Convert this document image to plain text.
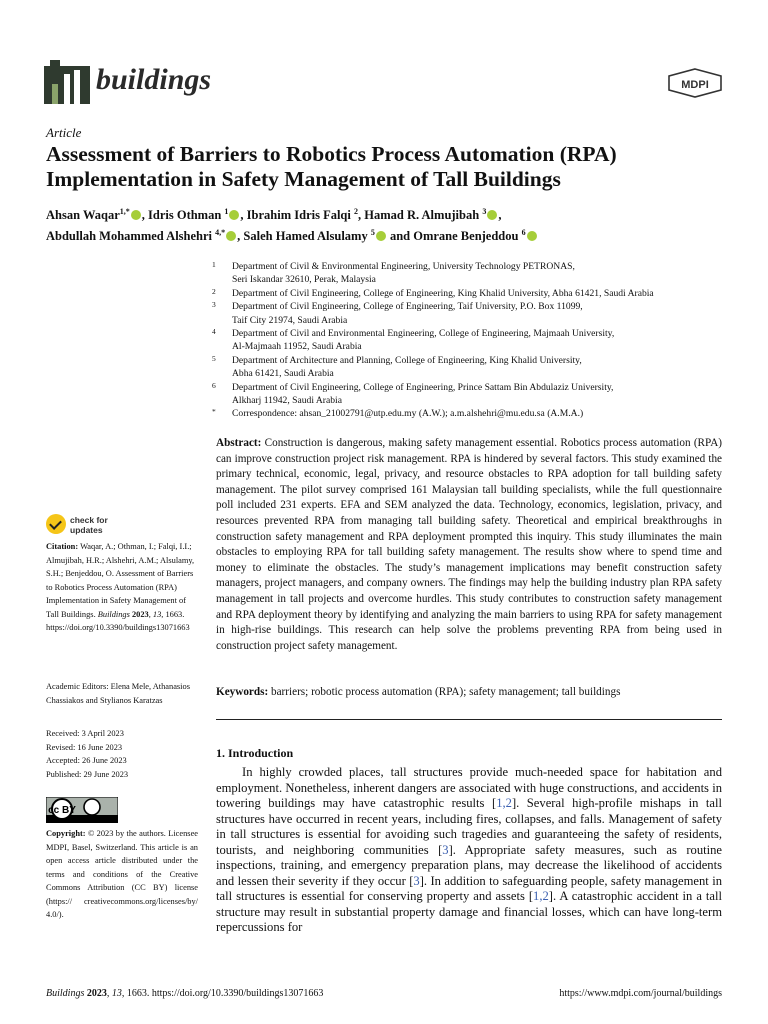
buildings	MDPI
Article
Assessment of Barriers to Robotics Process Automation (RPA) Implementation in Safety Management of Tall Buildings
Ahsan Waqar$^{1,*}$ , Idris Othman $^1$ , Ibrahim Idris Falqi $^2$, Hamad R. Almujibah $^3$ ,
Abdullah Mohammed Alshehri $^{4,*}$ , Saleh Hamed Alsulamy $^5$ and Omrane Benjeddou $^6$
1 Department of Civil & Environmental Engineering, University Technology PETRONAS,
Seri Iskandar 32610, Perak, Malaysia
2 Department of Civil Engineering, College of Engineering, King Khalid University, Abha 61421, Saudi Arabia
3 Department of Civil Engineering, College of Engineering, Taif University, P.O. Box 11099,
Taif City 21974, Saudi Arabia
4 Department of Civil and Environmental Engineering, College of Engineering, Majmaah University,
Al-Majmaah 11952, Saudi Arabia
5 Department of Architecture and Planning, College of Engineering, King Khalid University,
Abha 61421, Saudi Arabia
6 Department of Civil Engineering, College of Engineering, Prince Sattam Bin Abdulaziz University,
Alkharj 11942, Saudi Arabia
* Correspondence: ahsan_21002791@utp.edu.my (A.W.); a.m.alshehri@mu.edu.sa (A.M.A.)
Abstract: Construction is dangerous, making safety management essential. Robotics process automation (RPA) can improve construction project risk management. RPA is hindered by several factors. This study examined the primary technical, economic, legal, privacy, and resource obstacles to RPA adoption for tall building safety management. The pilot survey comprised 161 Malaysian tall building specialists, while the full questionnaire poll included 231 experts. EFA and SEM analyzed the data. Technology, economics, legislation, privacy, and resources prevented RPA from managing tall building safety. Theoretical and empirical breakthroughs in construction safety management and RPA deployment prompted this inquiry. This study illuminates the main obstacles to employing RPA for tall building safety management. The results show where to spend time and money to eliminate the obstacles. The study’s management implications may benefit construction safety managers, project managers, and company owners. The findings may help the building industry plan RPA safety management in tall projects and overcome hurdles. This study contributes to construction safety management and RPA deployment theory by identifying and analyzing the main barriers to using RPA for safety management in high-rise buildings. This research can help solve the problems preventing RPA from being used in construction project safety management.
Keywords: barriers; robotic process automation (RPA); safety management; tall buildings
1. Introduction
In highly crowded places, tall structures provide much-needed space for habitation and employment. Nonetheless, inherent dangers are associated with huge constructions, and accidents in towering buildings may have catastrophic results [1,2]. Several high-profile mishaps in tall structures have occurred in recent years, including fires, collapses, and falls. Management of safety in tall structures is essential for avoiding such tragedies and guaranteeing the safety of residents, tourists, and neighboring communities [3]. Appropriate safety measures, such as routine inspections, training, and emergency preparation plans, may decrease the likelihood of accidents and lessen their severity if they occur [3]. In addition to safeguarding people, safety management in tall structures is essential for conserving property and assets [1,2]. A catastrophic accident in a tall structure may result in substantial property damage and financial losses, which can have long-term repercussions for
check for
updates
Citation: Waqar, A.; Othman, I.; Falqi, I.I.; Almujibah, H.R.; Alshehri, A.M.; Alsulamy, S.H.; Benjeddou, O. Assessment of Barriers to Robotics Process Automation (RPA) Implementation in Safety Management of Tall Buildings. Buildings 2023, 13, 1663. https://doi.org/10.3390/buildings13071663
Academic Editors: Elena Mele, Athanasios Chassiakos and Stylianos Karatzas
Received: 3 April 2023
Revised: 16 June 2023
Accepted: 26 June 2023
Published: 29 June 2023
cc BY
Copyright: © 2023 by the authors. Licensee MDPI, Basel, Switzerland. This article is an open access article distributed under the terms and conditions of the Creative Commons Attribution (CC BY) license (https:// creativecommons.org/licenses/by/ 4.0/).
Buildings 2023, 13, 1663. https://doi.org/10.3390/buildings13071663	https://www.mdpi.com/journal/buildings
